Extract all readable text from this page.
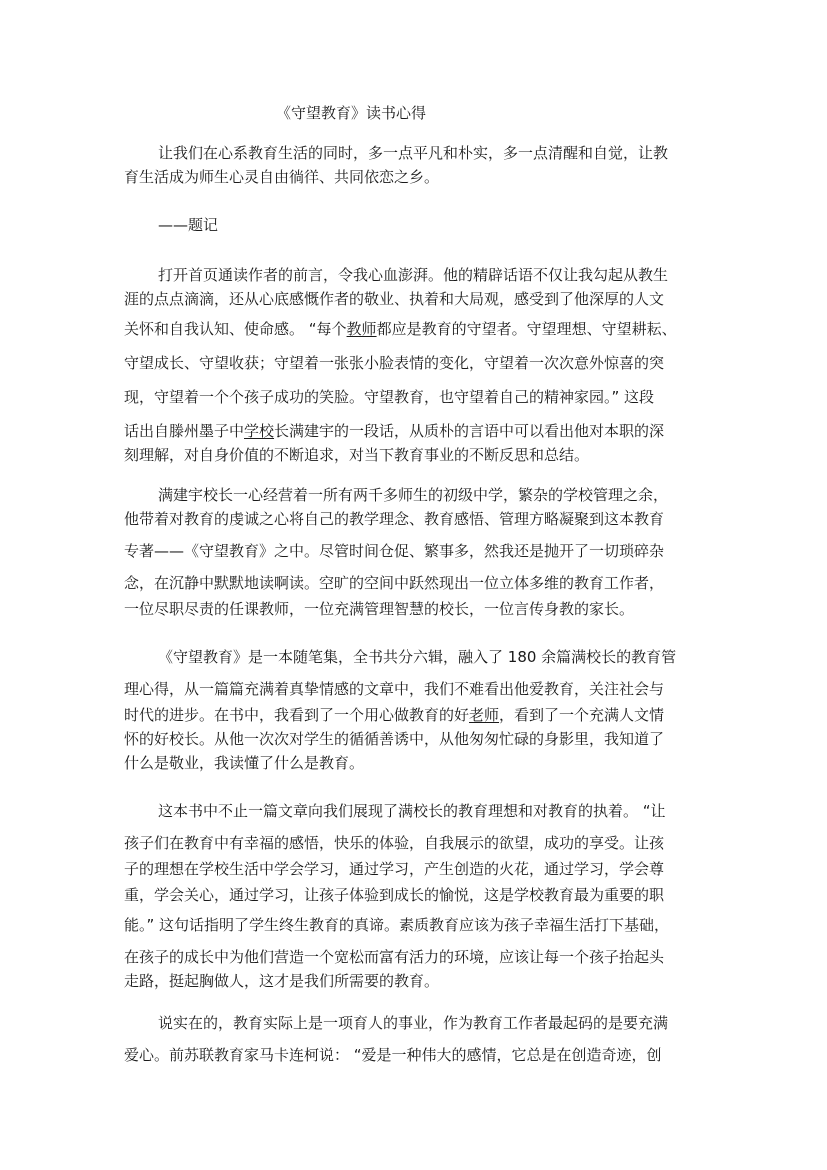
《守望教育》读书心得

让我们在心系教育生活的同时，多一点平凡和朴实，多一点清醒和自觉，让教

育生活成为师生心灵自由徜徉、共同依恋之乡。

——题记

打开首页通读作者的前言，令我心血澎湃。他的精辟话语不仅让我勾起从教生

涯的点点滴滴，还从心底感慨作者的敬业、执着和大局观，感受到了他深厚的人文

关怀和自我认知、使命感。 “每个教师都应是教育的守望者。守望理想、守望耕耘、

守望成长、守望收获；守望着一张张小脸表情的变化，守望着一次次意外惊喜的突

现，守望着一个个孩子成功的笑脸。守望教育，也守望着自己的精神家园。” 这段

话出自滕州墨子中学校长满建宇的一段话，从质朴的言语中可以看出他对本职的深

刻理解，对自身价值的不断追求，对当下教育事业的不断反思和总结。

满建宇校长一心经营着一所有两千多师生的初级中学，繁杂的学校管理之余，

他带着对教育的虔诚之心将自己的教学理念、教育感悟、管理方略凝聚到这本教育

专著——《守望教育》之中。尽管时间仓促、繁事多，然我还是抛开了一切琐碎杂

念，在沉静中默默地读啊读。空旷的空间中跃然现出一位立体多维的教育工作者，

一位尽职尽责的任课教师，一位充满管理智慧的校长，一位言传身教的家长。

《守望教育》是一本随笔集，全书共分六辑，融入了 180 余篇满校长的教育管

理心得，从一篇篇充满着真挚情感的文章中，我们不难看出他爱教育，关注社会与

时代的进步。在书中，我看到了一个用心做教育的好老师，看到了一个充满人文情

怀的好校长。从他一次次对学生的循循善诱中，从他匆匆忙碌的身影里，我知道了

什么是敬业，我读懂了什么是教育。

这本书中不止一篇文章向我们展现了满校长的教育理想和对教育的执着。 “让

孩子们在教育中有幸福的感悟，快乐的体验，自我展示的欲望，成功的享受。让孩

子的理想在学校生活中学会学习，通过学习，产生创造的火花，通过学习，学会尊

重，学会关心，通过学习，让孩子体验到成长的愉悦，这是学校教育最为重要的职

能。” 这句话指明了学生终生教育的真谛。素质教育应该为孩子幸福生活打下基础，

在孩子的成长中为他们营造一个宽松而富有活力的环境，应该让每一个孩子抬起头

走路，挺起胸做人，这才是我们所需要的教育。

说实在的，教育实际上是一项育人的事业，作为教育工作者最起码的是要充满

爱心。前苏联教育家马卡连柯说： “爱是一种伟大的感情，它总是在创造奇迹，创
